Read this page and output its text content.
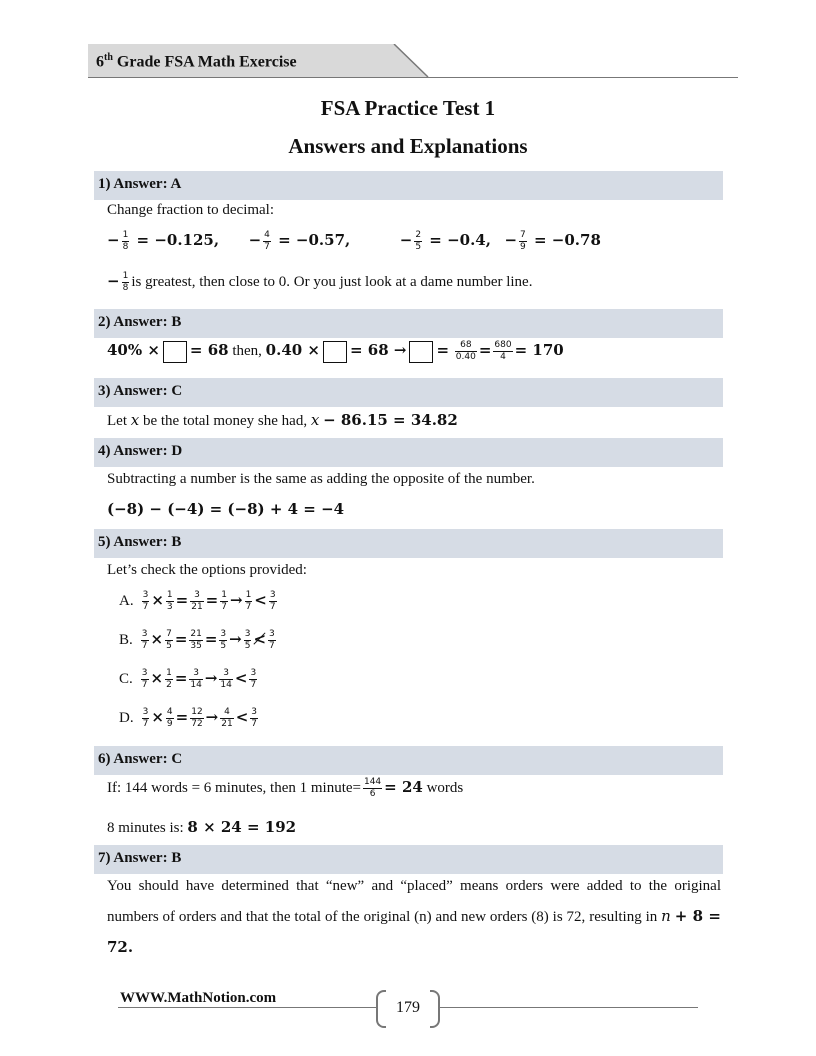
6th Grade FSA Math Exercise
FSA Practice Test 1
Answers and Explanations
1) Answer: A
Change fraction to decimal:
− $\frac{1}{8} = -0.125$, − $\frac{4}{7} = -0.57$,	− $\frac{2}{5} = -0.4$, − $\frac{7}{9} = -0.78$
− $\frac{1}{8}$ is greatest, then close to 0. Or you just look at a dame number line.
2) Answer: B
40% × = 68 then, 0.40 × = 68 → = $\frac{68}{0.40} = \frac{680}{4} = 170$
3) Answer: C
Let x be the total money she had, x − 86.15 = 34.82
4) Answer: D
Subtracting a number is the same as adding the opposite of the number.
(−8) − (−4) = (−8) + 4 = −4
5) Answer: B
Let’s check the options provided:
A. $\frac{3}{7} \times \frac{1}{3} = \frac{3}{21} = \frac{1}{7} \to \frac{1}{7} < \frac{3}{7}$
B. $\frac{3}{7} \times \frac{7}{5} = \frac{21}{35} = \frac{3}{5} \to \frac{3}{5}$ ≮ $\frac{3}{7}$
C. $\frac{3}{7} \times \frac{1}{2} = \frac{3}{14} \to \frac{3}{14} < \frac{3}{7}$
D. $\frac{3}{7} \times \frac{4}{9} = \frac{12}{72} \to \frac{4}{21} < \frac{3}{7}$
6) Answer: C
If: 144 words = 6 minutes, then 1 minute= $\frac{144}{6} = 24$ words
8 minutes is: 8 × 24 = 192
7) Answer: B
You should have determined that “new” and “placed” means orders were added to the original numbers of orders and that the total of the original (n) and new orders (8) is 72, resulting in n + 8 = 72.
WWW.MathNotion.com
179
